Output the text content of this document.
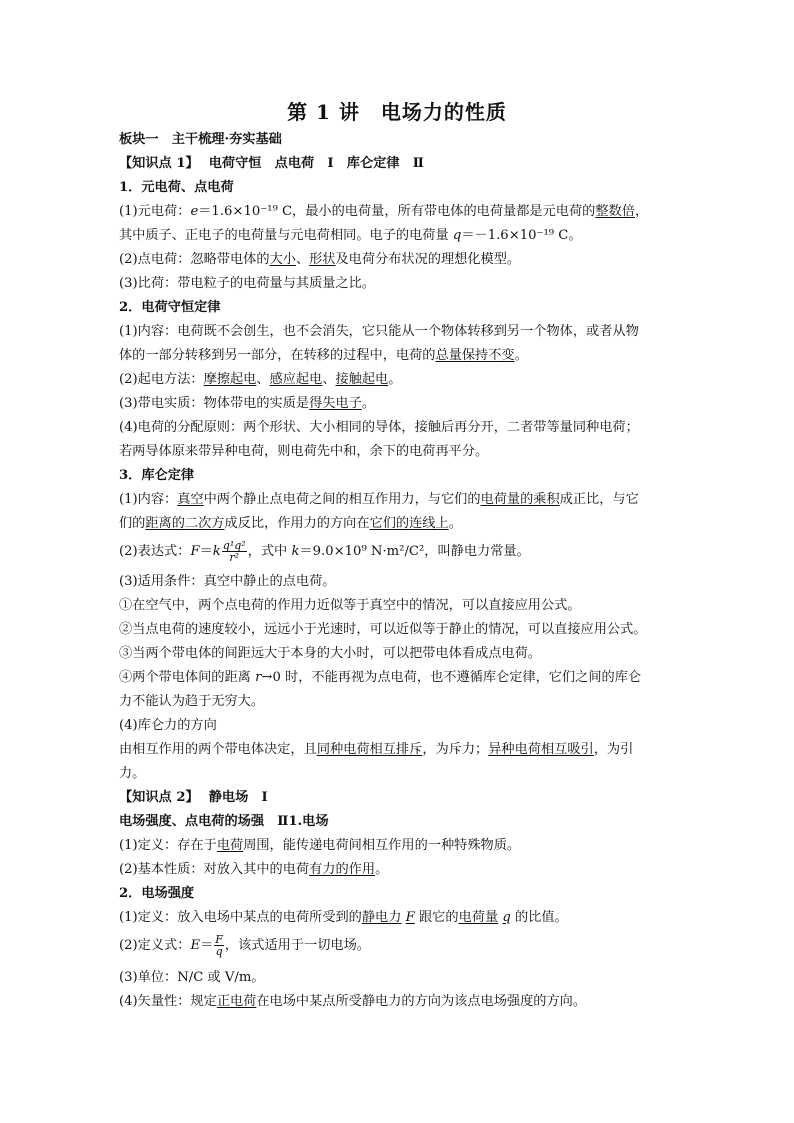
第 1 讲　电场力的性质
板块一　主干梳理·夯实基础
【知识点 1】 电荷守恒　点电荷　Ⅰ　库仑定律　Ⅱ
1．元电荷、点电荷
(1)元电荷：e＝1.6×10⁻¹⁹ C，最小的电荷量，所有带电体的电荷量都是元电荷的整数倍，
其中质子、正电子的电荷量与元电荷相同。电子的电荷量 q＝－1.6×10⁻¹⁹ C。
(2)点电荷：忽略带电体的大小、形状及电荷分布状况的理想化模型。
(3)比荷：带电粒子的电荷量与其质量之比。
2．电荷守恒定律
(1)内容：电荷既不会创生，也不会消失，它只能从一个物体转移到另一个物体，或者从物
体的一部分转移到另一部分，在转移的过程中，电荷的总量保持不变。
(2)起电方法：摩擦起电、感应起电、接触起电。
(3)带电实质：物体带电的实质是得失电子。
(4)电荷的分配原则：两个形状、大小相同的导体，接触后再分开，二者带等量同种电荷；
若两导体原来带异种电荷，则电荷先中和，余下的电荷再平分。
3．库仑定律
(1)内容：真空中两个静止点电荷之间的相互作用力，与它们的电荷量的乘积成正比，与它
们的距离的二次方成反比，作用力的方向在它们的连线上。
(2)表达式：$F=k \frac{\text{q¹q²}}{\text{r²}}$ ，式中 k＝9.0×10⁹ N·m²/C²，叫静电力常量。
(3)适用条件：真空中静止的点电荷。
①在空气中，两个点电荷的作用力近似等于真空中的情况，可以直接应用公式。
②当点电荷的速度较小，远远小于光速时，可以近似等于静止的情况，可以直接应用公式。
③当两个带电体的间距远大于本身的大小时，可以把带电体看成点电荷。
④两个带电体间的距离 r→0 时，不能再视为点电荷，也不遵循库仑定律，它们之间的库仑
力不能认为趋于无穷大。
(4)库仑力的方向
由相互作用的两个带电体决定，且同种电荷相互排斥，为斥力；异种电荷相互吸引，为引
力。
【知识点 2】 静电场　Ⅰ
电场强度、点电荷的场强　Ⅱ1.电场
(1)定义：存在于电荷周围，能传递电荷间相互作用的一种特殊物质。
(2)基本性质：对放入其中的电荷有力的作用。
2．电场强度
(1)定义：放入电场中某点的电荷所受到的静电力 F 跟它的电荷量 q 的比值。
(2)定义式：$E= \frac{F}{q}$ ，该式适用于一切电场。
(3)单位：N/C 或 V/m。
(4)矢量性：规定正电荷在电场中某点所受静电力的方向为该点电场强度的方向。
